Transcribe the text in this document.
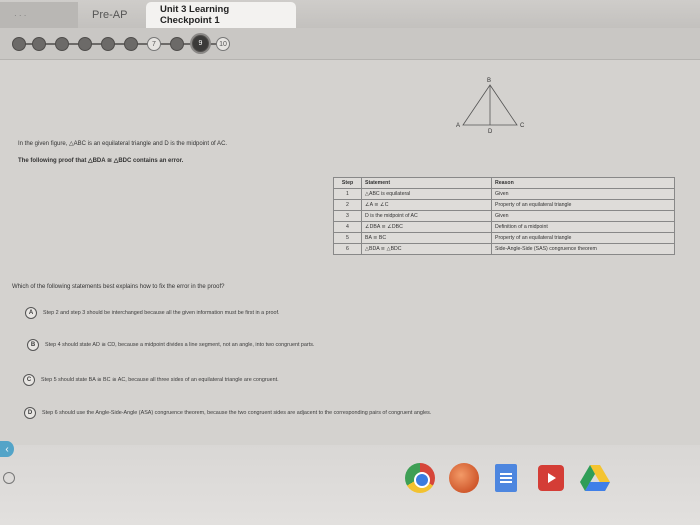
· · ·	Pre-AP	Unit 3 Learning Checkpoint 1
7	9	10
B
A	C
D
In the given figure, △ABC is an equilateral triangle and D is the midpoint of AC.
The following proof that △BDA ≅ △BDC contains an error.
Step	Statement	Reason
1	△ABC is equilateral	Given
2	∠A ≅ ∠C	Property of an equilateral triangle
3	D is the midpoint of AC	Given
4	∠DBA ≅ ∠DBC	Definition of a midpoint
5	BA ≅ BC	Property of an equilateral triangle
6	△BDA ≅ △BDC	Side-Angle-Side (SAS) congruence theorem
Which of the following statements best explains how to fix the error in the proof?
A	Step 2 and step 3 should be interchanged because all the given information must be first in a proof.
B	Step 4 should state AD ≅ CD, because a midpoint divides a line segment, not an angle, into two congruent parts.
C	Step 5 should state BA ≅ BC ≅ AC, because all three sides of an equilateral triangle are congruent.
D	Step 6 should use the Angle-Side-Angle (ASA) congruence theorem, because the two congruent sides are adjacent to the corresponding pairs of congruent angles.
‹
